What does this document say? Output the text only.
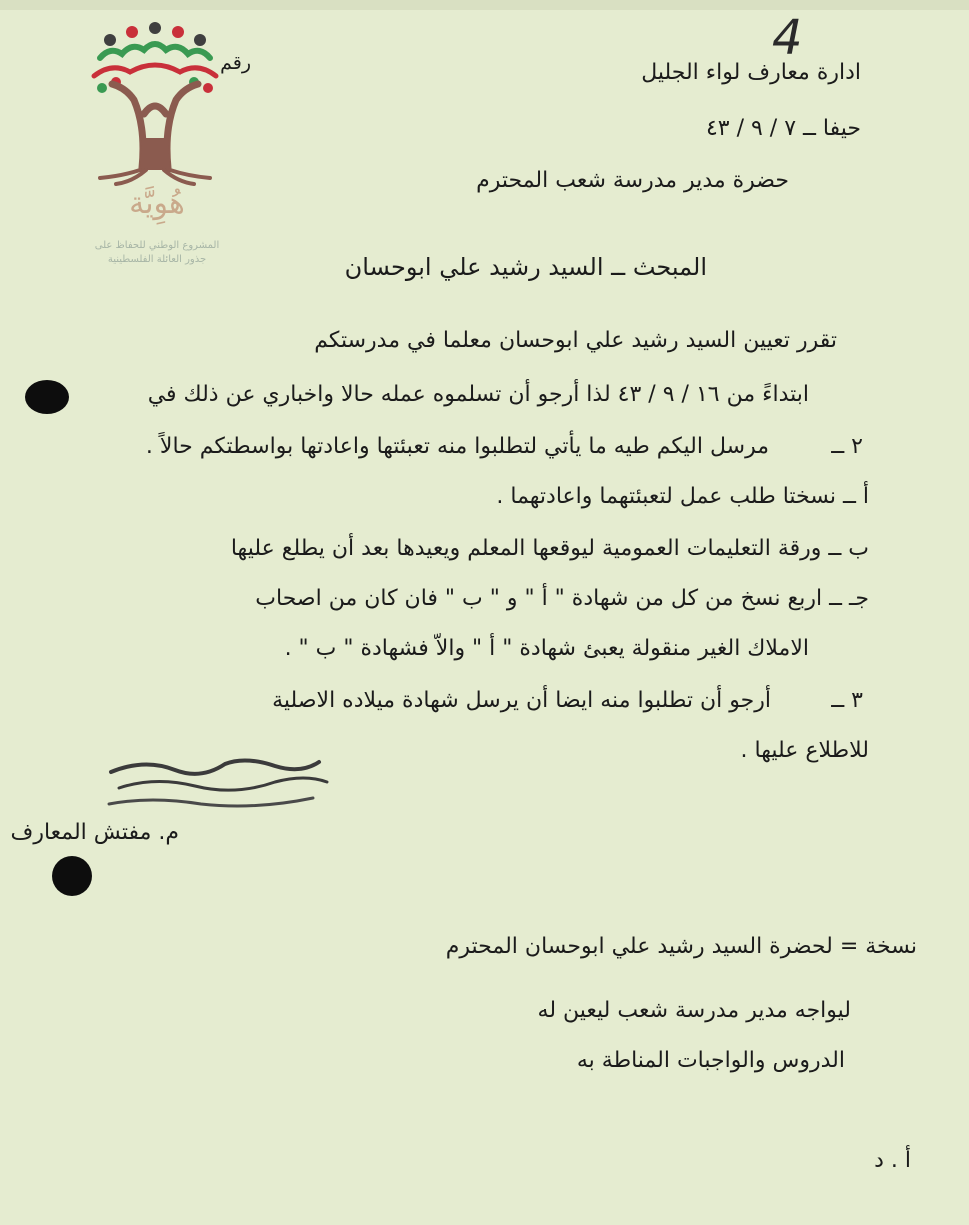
هُوِيَّة
المشروع الوطني للحفاظ على
جذور العائلة الفلسطينية
4
رقم	ادارة معارف لواء الجليل
حيفا ــ ٧ / ٩ / ٤٣
حضرة مدير مدرسة شعب المحترم
المبحث ــ السيد رشيد علي ابوحسان
تقرر تعيين السيد رشيد علي ابوحسان معلما في مدرستكم
ابتداءً من ١٦ / ٩ / ٤٣ لذا أرجو أن تسلموه عمله حالا واخباري عن ذلك في
٢ ــ
مرسل اليكم طيه ما يأتي لتطلبوا منه تعبئتها واعادتها بواسطتكم حالاً .
أ ــ نسختا طلب عمل لتعبئتهما واعادتهما .
ب ــ ورقة التعليمات العمومية ليوقعها المعلم ويعيدها بعد أن يطلع عليها
جـ ــ اربع نسخ من كل من شهادة " أ " و " ب " فان كان من اصحاب
الاملاك الغير منقولة يعبئ شهادة " أ " والاّ فشهادة " ب " .
٣ ــ
أرجو أن تطلبوا منه ايضا أن يرسل شهادة ميلاده الاصلية
للاطلاع عليها .
م. مفتش المعارف
نسخة = لحضرة السيد رشيد علي ابوحسان المحترم
ليواجه مدير مدرسة شعب ليعين له
الدروس والواجبات المناطة به
أ . د
